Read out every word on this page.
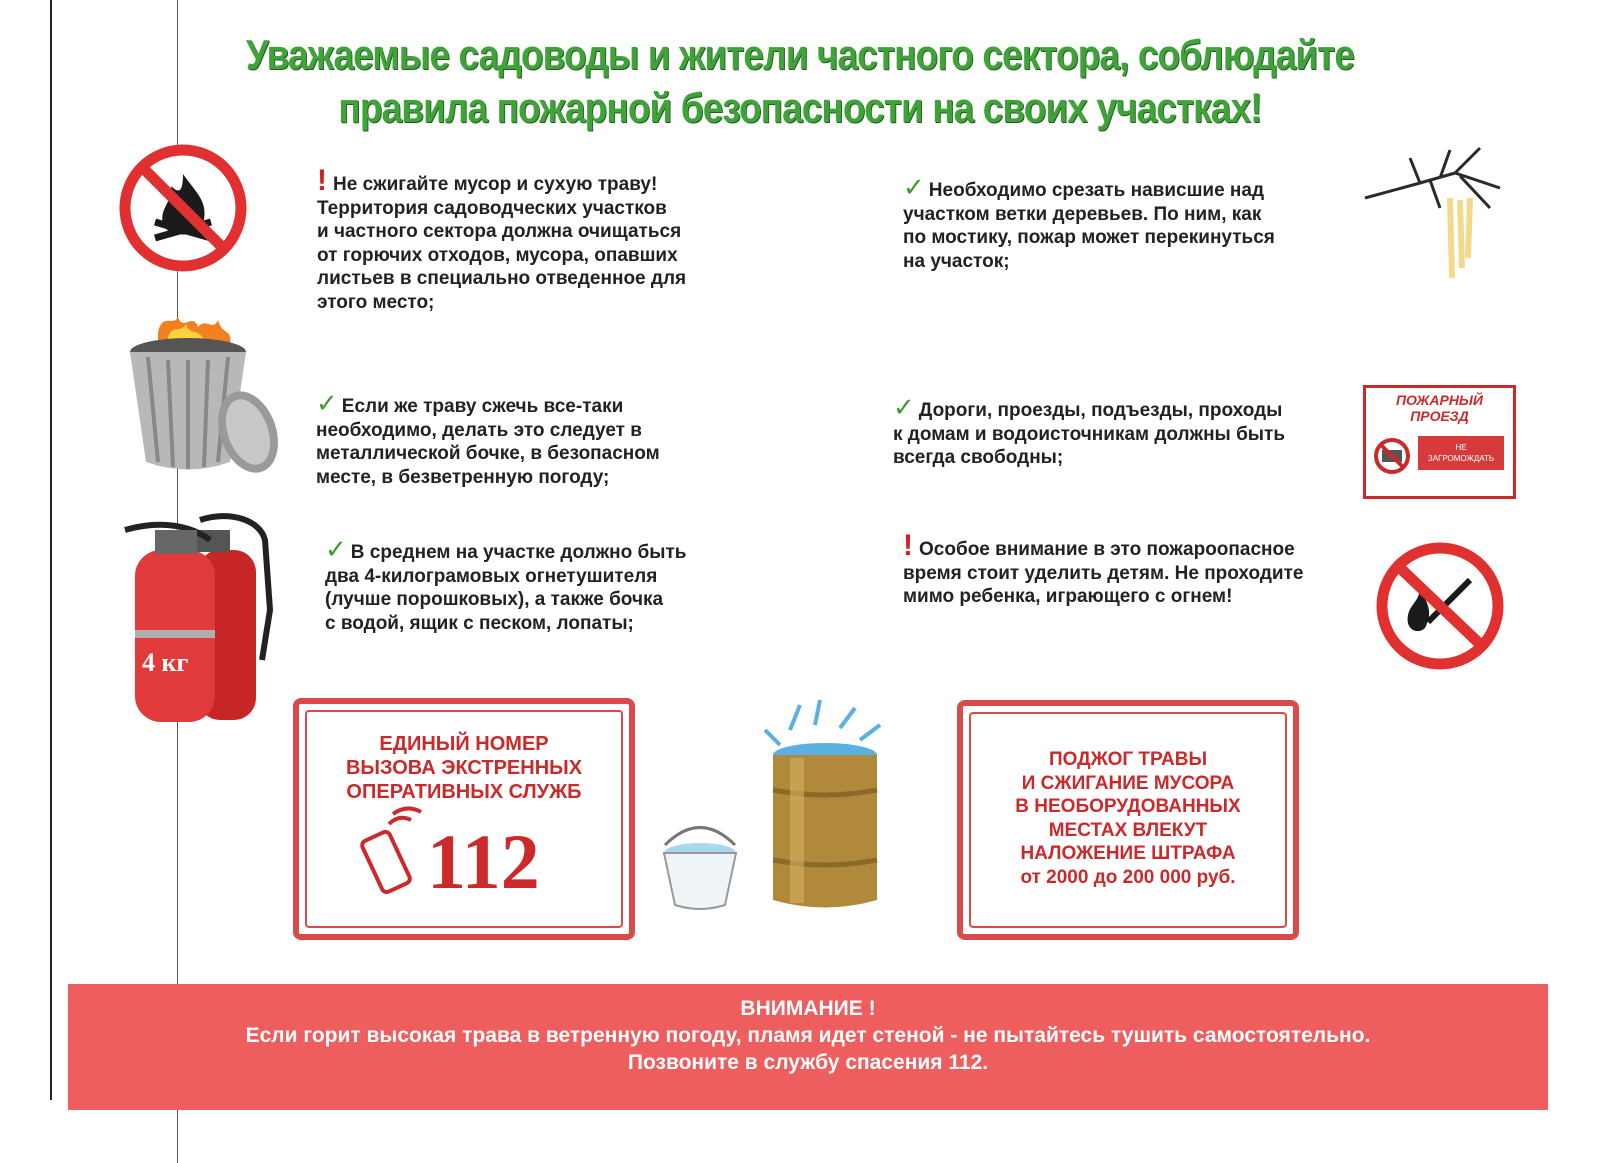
Уважаемые садоводы и жители частного сектора, соблюдайте
правила пожарной безопасности на своих участках!
4 кг
! Не сжигайте мусор и сухую траву!
Территория садоводческих участков
и частного сектора должна очищаться
от горючих отходов, мусора, опавших
листьев в специально отведенное для
этого место;
✓ Если же траву сжечь все-таки
необходимо, делать это следует в
металлической бочке, в безопасном
месте, в безветренную погоду;
✓ В среднем на участке должно быть
два 4-килограмовых огнетушителя
(лучше порошковых), а также бочка
с водой, ящик с песком, лопаты;
✓ Необходимо срезать нависшие над
участком ветки деревьев. По ним, как
по мостику, пожар может перекинуться
на участок;
✓ Дороги, проезды, подъезды, проходы
к домам и водоисточникам должны быть
всегда свободны;
! Особое внимание в это пожароопасное
время стоит уделить детям. Не проходите
мимо ребенка, играющего с огнем!
ПОЖАРНЫЙ
ПРОЕЗД
НЕ
ЗАГРОМОЖДАТЬ
ЕДИНЫЙ НОМЕР
ВЫЗОВА ЭКСТРЕННЫХ
ОПЕРАТИВНЫХ СЛУЖБ
112
ПОДЖОГ ТРАВЫ
И СЖИГАНИЕ МУСОРА
В НЕОБОРУДОВАННЫХ
МЕСТАХ ВЛЕКУТ
НАЛОЖЕНИЕ ШТРАФА
от 2000 до 200 000 руб.
ВНИМАНИЕ !
Если горит высокая трава в ветренную погоду, пламя идет стеной - не пытайтесь тушить самостоятельно.
Позвоните в службу спасения 112.
